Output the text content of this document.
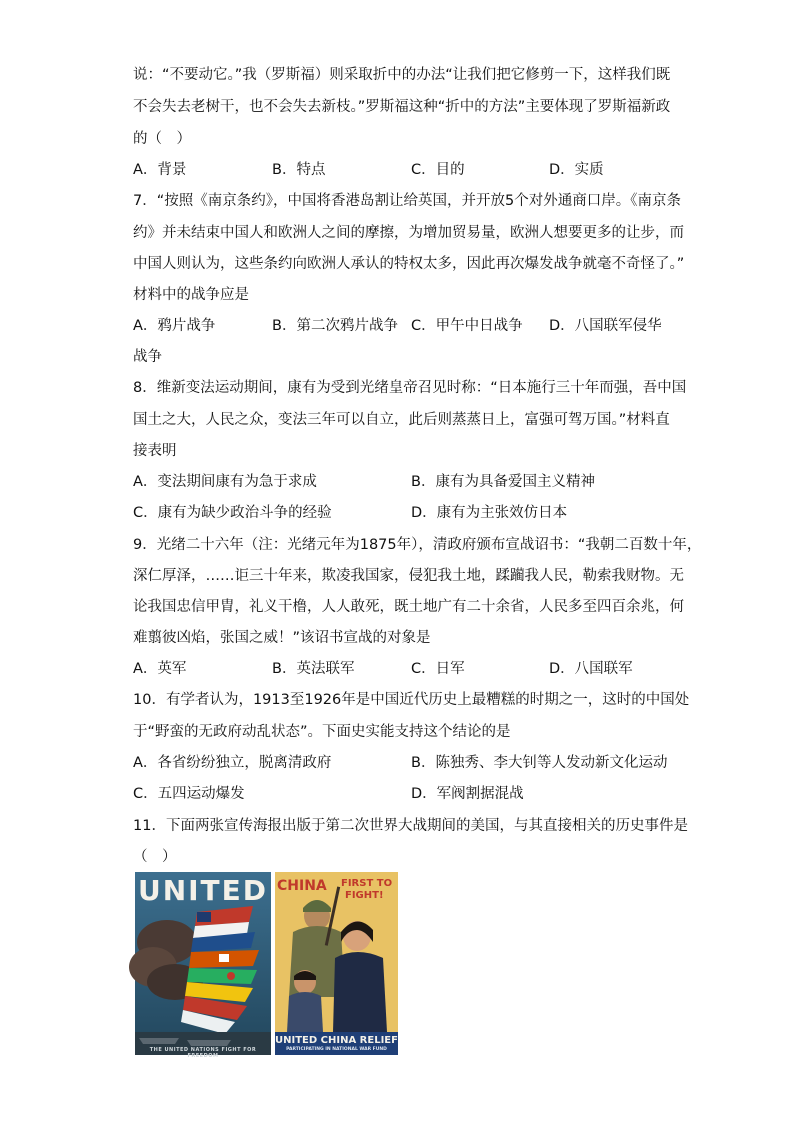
说：“不要动它。”我（罗斯福）则采取折中的办法“让我们把它修剪一下，这样我们既
不会失去老树干，也不会失去新枝。”罗斯福这种“折中的方法”主要体现了罗斯福新政
的（　）
A．背景	B．特点	C．目的	D．实质
7．“按照《南京条约》，中国将香港岛割让给英国，并开放5个对外通商口岸。《南京条
约》并未结束中国人和欧洲人之间的摩擦，为增加贸易量，欧洲人想要更多的让步，而
中国人则认为，这些条约向欧洲人承认的特权太多，因此再次爆发战争就毫不奇怪了。”
材料中的战争应是
A．鸦片战争	B．第二次鸦片战争 C．甲午中日战争 D．八国联军侵华
战争
8．维新变法运动期间，康有为受到光绪皇帝召见时称：“日本施行三十年而强，吾中国
国土之大，人民之众，变法三年可以自立，此后则蒸蒸日上，富强可驾万国。”材料直
接表明
A．变法期间康有为急于求成	B．康有为具备爱国主义精神
C．康有为缺少政治斗争的经验	D．康有为主张效仿日本
9．光绪二十六年（注：光绪元年为1875年），清政府颁布宣战诏书：“我朝二百数十年，
深仁厚泽，……讵三十年来，欺凌我国家，侵犯我土地，蹂躏我人民，勒索我财物。无
论我国忠信甲胄，礼义干橹，人人敢死，既土地广有二十余省，人民多至四百余兆，何
难翦彼凶焰，张国之威！”该诏书宣战的对象是
A．英军	B．英法联军	C．日军	D．八国联军
10．有学者认为，1913至1926年是中国近代历史上最糟糕的时期之一，这时的中国处
于“野蛮的无政府动乱状态”。下面史实能支持这个结论的是
A．各省纷纷独立，脱离清政府	B．陈独秀、李大钊等人发动新文化运动
C．五四运动爆发	D．军阀割据混战
11．下面两张宣传海报出版于第二次世界大战期间的美国，与其直接相关的历史事件是
（　）
UNITED
THE UNITED NATIONS FIGHT FOR FREEDOM
CHINA FIRST TO
FIGHT!
UNITED CHINA RELIEF
PARTICIPATING IN NATIONAL WAR FUND
